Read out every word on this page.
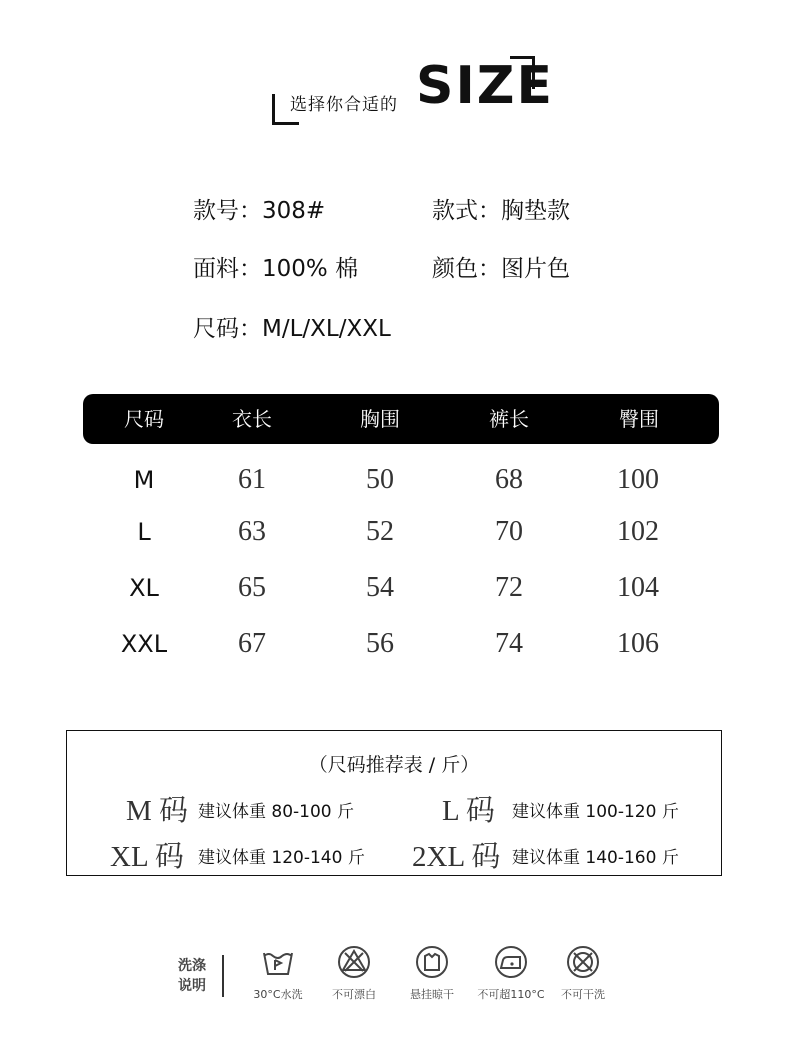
选择你合适的 SIZE
款号：308#	款式：胸垫款
面料：100% 棉	颜色：图片色
尺码：M/L/XL/XXL
尺码	衣长	胸围	裤长	臀围
M	61	50	68	100
L	63	52	70	102
XL	65	54	72	104
XXL	67	56	74	106
（尺码推荐表 / 斤）
M 码 建议体重 80-100 斤	L 码 建议体重 100-120 斤
XL 码 建议体重 120-140 斤 2XL 码 建议体重 140-160 斤
洗涤
说明
30°C水洗	不可漂白	悬挂晾干	不可超110°C	不可干洗
